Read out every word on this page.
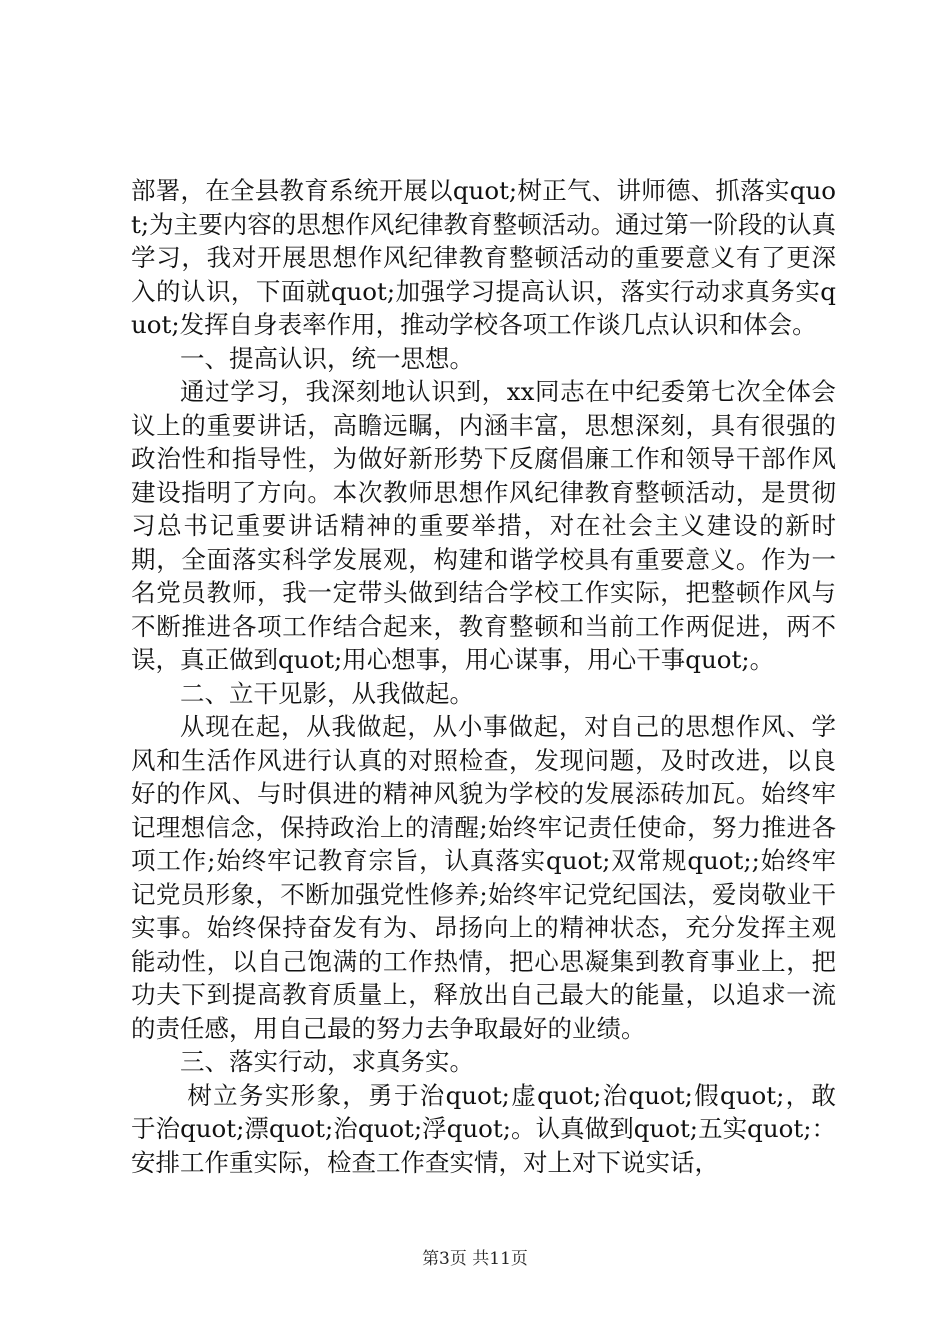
部署，在全县教育系统开展以quot;树正气、讲师德、抓落实quot;为主要内容的思想作风纪律教育整顿活动。通过第一阶段的认真学习，我对开展思想作风纪律教育整顿活动的重要意义有了更深入的认识，下面就quot;加强学习提高认识，落实行动求真务实quot;发挥自身表率作用，推动学校各项工作谈几点认识和体会。

一、提高认识，统一思想。

通过学习，我深刻地认识到，xx同志在中纪委第七次全体会议上的重要讲话，高瞻远瞩，内涵丰富，思想深刻，具有很强的政治性和指导性，为做好新形势下反腐倡廉工作和领导干部作风建设指明了方向。本次教师思想作风纪律教育整顿活动，是贯彻习总书记重要讲话精神的重要举措，对在社会主义建设的新时期，全面落实科学发展观，构建和谐学校具有重要意义。作为一名党员教师，我一定带头做到结合学校工作实际，把整顿作风与不断推进各项工作结合起来，教育整顿和当前工作两促进，两不误，真正做到quot;用心想事，用心谋事，用心干事quot;。

二、立干见影，从我做起。

从现在起，从我做起，从小事做起，对自己的思想作风、学风和生活作风进行认真的对照检查，发现问题，及时改进，以良好的作风、与时俱进的精神风貌为学校的发展添砖加瓦。始终牢记理想信念，保持政治上的清醒;始终牢记责任使命，努力推进各项工作;始终牢记教育宗旨，认真落实quot;双常规quot;;始终牢记党员形象，不断加强党性修养;始终牢记党纪国法，爱岗敬业干实事。始终保持奋发有为、昂扬向上的精神状态，充分发挥主观能动性，以自己饱满的工作热情，把心思凝集到教育事业上，把功夫下到提高教育质量上，释放出自己最大的能量，以追求一流的责任感，用自己最的努力去争取最好的业绩。

三、落实行动，求真务实。

树立务实形象，勇于治quot;虚quot;治quot;假quot;，敢于治quot;漂quot;治quot;浮quot;。认真做到quot;五实quot;：安排工作重实际，检查工作查实情，对上对下说实话，

第3页 共11页
